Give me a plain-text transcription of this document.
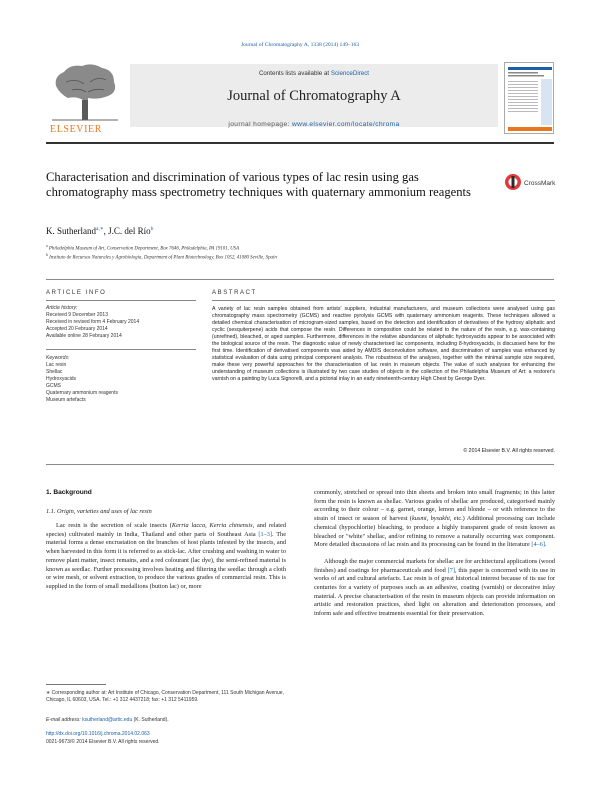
Journal of Chromatography A, 1338 (2014) 149–163
ELSEVIER
Contents lists available at ScienceDirect
Journal of Chromatography A
journal homepage: www.elsevier.com/locate/chroma
Characterisation and discrimination of various types of lac resin using gas chromatography mass spectrometry techniques with quaternary ammonium reagents
CrossMark
K. Sutherland$^{a,∗}$, J.C. del Río$^b$
$^a$ Philadelphia Museum of Art, Conservation Department, Box 7646, Philadelphia, PA 19101, USA
$^b$ Instituto de Recursos Naturales y Agrobiología, Department of Plant Biotechnology, Box 1052, 41080 Seville, Spain
ARTICLE INFO	ABSTRACT
Article history:
Received 9 December 2013
Received in revised form 4 February 2014
Accepted 20 February 2014
Available online 28 February 2014
Keywords:
Lac resin
Shellac
Hydroxyacids
GCMS
Quaternary ammonium reagents
Museum artefacts
A variety of lac resin samples obtained from artists' suppliers, industrial manufacturers, and museum collections were analysed using gas chromatography mass spectrometry (GCMS) and reactive pyrolysis GCMS with quaternary ammonium reagents. These techniques allowed a detailed chemical characterisation of microgram-sized samples, based on the detection and identification of derivatives of the hydroxy aliphatic and cyclic (sesquiterpene) acids that compose the resin. Differences in composition could be related to the nature of the resin, e.g. wax-containing (unrefined), bleached, or aged samples. Furthermore, differences in the relative abundances of aliphatic hydroxyacids appear to be associated with the biological source of the resin. The diagnostic value of newly characterised lac components, including 8-hydroxyacids, is discussed here for the first time. Identification of derivatised components was aided by AMDIS deconvolution software, and discrimination of samples was enhanced by statistical evaluation of data using principal component analysis. The robustness of the analyses, together with the minimal sample size required, make these very powerful approaches for the characterisation of lac resin in museum objects. The value of such analyses for enhancing the understanding of museum collections is illustrated by two case studies of objects in the collection of the Philadelphia Museum of Art: a restorer's varnish on a painting by Luca Signorelli, and a pictorial inlay in an early nineteenth-century High Chest by George Dyer.
© 2014 Elsevier B.V. All rights reserved.
1. Background
1.1. Origin, varieties and uses of lac resin

Lac resin is the secretion of scale insects (Kerria lacca, Kerria chinensis, and related species) cultivated mainly in India, Thailand and other parts of Southeast Asia [1–3]. The material forms a dense encrustation on the branches of host plants infested by the insects, and when harvested in this form it is referred to as stick-lac. After crushing and washing in water to remove plant matter, insect remains, and a red colourant (lac dye), the semi-refined material is known as seedlac. Further processing involves heating and filtering the seedlac through a cloth or wire mesh, or solvent extraction, to produce the various grades of commercial resin. This is supplied in the form of small medallions (button lac) or, more

commonly, stretched or spread into thin sheets and broken into small fragments; in this latter form the resin is known as shellac. Various grades of shellac are produced, categorised mainly according to their colour – e.g. garnet, orange, lemon and blonde – or with reference to the strain of insect or season of harvest (kusmi, bysakhi, etc.) Additional processing can include chemical (hypochlorite) bleaching, to produce a highly transparent grade of resin known as bleached or "white" shellac, and/or refining to remove a naturally occurring wax component. More detailed discussions of lac resin and its processing can be found in the literature [4–6].

Although the major commercial markets for shellac are for architectural applications (wood finishes) and coatings for pharmaceuticals and food [7], this paper is concerned with its use in works of art and cultural artefacts. Lac resin is of great historical interest because of its use for centuries for a variety of purposes such as an adhesive, coating (varnish) or decorative inlay material. A precise characterisation of the resin in museum objects can provide information on artistic and restoration practices, shed light on alteration and deterioration processes, and inform safe and effective treatments essential for their preservation.

∗ Corresponding author at: Art Institute of Chicago, Conservation Department, 111 South Michigan Avenue, Chicago, IL 60603, USA. Tel.: +1 312 4437218; fax: +1 312 5411959.
E-mail address: ksutherland@artic.edu (K. Sutherland).
http://dx.doi.org/10.1016/j.chroma.2014.02.063
0021-9673/© 2014 Elsevier B.V. All rights reserved.
